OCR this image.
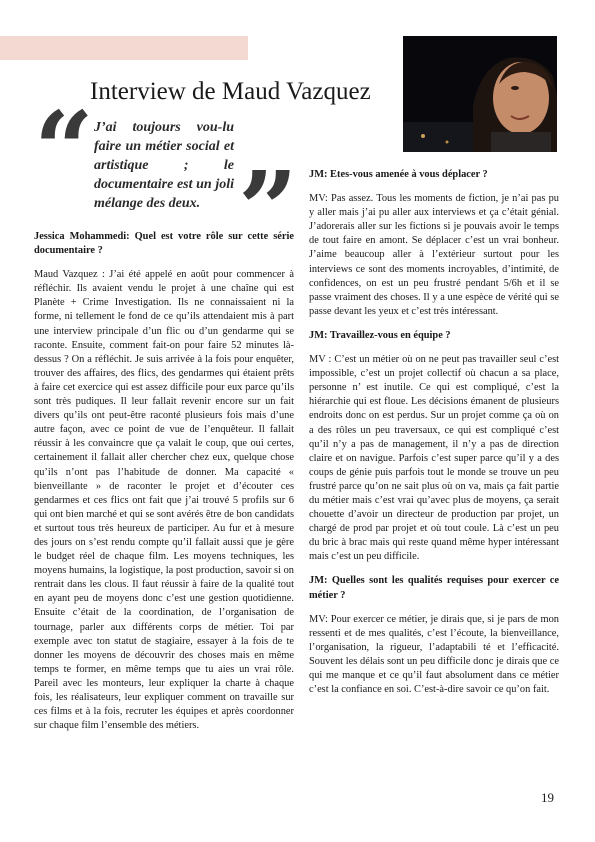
Interview de Maud Vazquez
“ J’ai toujours vou-lu faire un métier social et artistique ; le documentaire est un joli mélange des deux. ”

Jessica Mohammedi: Quel est votre rôle sur cette série documentaire ?

Maud Vazquez : J’ai été appelé en août pour commencer à réfléchir. Ils avaient vendu le projet à une chaîne qui est Planète + Crime Investigation. Ils ne connaissaient ni la forme, ni tellement le fond de ce qu’ils attendaient mis à part une interview principale d’un flic ou d’un gendarme qui se raconte. Ensuite, comment fait-on pour faire 52 minutes là-dessus ? On a réfléchit. Je suis arrivée à la fois pour enquêter, trouver des affaires, des flics, des gendarmes qui étaient prêts à faire cet exercice qui est assez difficile pour eux parce qu’ils sont très pudiques. Il leur fallait revenir encore sur un fait divers qu’ils ont peut-être raconté plusieurs fois mais d’une autre façon, avec ce point de vue de l’enquêteur. Il fallait réussir à les convaincre que ça valait le coup, que oui certes, certainement il fallait aller chercher chez eux, quelque chose qu’ils n’ont pas l’habitude de donner. Ma capacité « bienveillante » de raconter le projet et d’écouter ces gendarmes et ces flics ont fait que j’ai trouvé 5 profils sur 6 qui ont bien marché et qui se sont avérés être de bon candidats et surtout tous très heureux de participer. Au fur et à mesure des jours on s’est rendu compte qu’il fallait aussi que je gère le budget réel de chaque film. Les moyens techniques, les moyens humains, la logistique, la post production, savoir si on rentrait dans les clous. Il faut réussir à faire de la qualité tout en ayant peu de moyens donc c’est une gestion quotidienne. Ensuite c’était de la coordination, de l’organisation de tournage, parler aux différents corps de métier. Toi par exemple avec ton statut de stagiaire, essayer à la fois de te donner les moyens de découvrir des choses mais en même temps te former, en même temps que tu aies un vrai rôle. Pareil avec les monteurs, leur expliquer la charte à chaque fois, les réalisateurs, leur expliquer comment on travaille sur ces films et à la fois, recruter les équipes et après coordonner sur chaque film l’ensemble des métiers.

JM: Etes-vous amenée à vous déplacer ?

MV: Pas assez. Tous les moments de fiction, je n’ai pas pu y aller mais j’ai pu aller aux interviews et ça c’était génial. J’adorerais aller sur les fictions si je pouvais avoir le temps de tout faire en amont. Se déplacer c’est un vrai bonheur. J’aime beaucoup aller à l’extérieur surtout pour les interviews ce sont des moments incroyables, d’intimité, de confidences, on est un peu frustré pendant 5/6h et il se passe vraiment des choses. Il y a une espèce de vérité qui se passe devant les yeux et c’est très intéressant.

JM: Travaillez-vous en équipe ?

MV : C’est un métier où on ne peut pas travailler seul c’est impossible, c’est un projet collectif où chacun a sa place, personne n’ est inutile. Ce qui est compliqué, c’est la hiérarchie qui est floue. Les décisions émanent de plusieurs endroits donc on est perdus. Sur un projet comme ça où on a des rôles un peu traversaux, ce qui est compliqué c’est qu’il n’y a pas de management, il n’y a pas de direction claire et on navigue. Parfois c’est super parce qu’il y a des coups de génie puis parfois tout le monde se trouve un peu frustré parce qu’on ne sait plus où on va, mais ça fait partie du métier mais c’est vrai qu’avec plus de moyens, ça serait chouette d’avoir un directeur de production par projet, un chargé de prod par projet et où tout coule. Là c’est un peu du bric à brac mais qui reste quand même hyper intéressant mais c’est un peu difficile.

JM: Quelles sont les qualités requises pour exercer ce métier ?

MV: Pour exercer ce métier, je dirais que, si je pars de mon ressenti et de mes qualités, c’est l’écoute, la bienveillance, l’organisation, la rigueur, l’adaptabili té et l’efficacité. Souvent les délais sont un peu difficile donc je dirais que ce qui me manque et ce qu’il faut absolument dans ce métier c’est la confiance en soi. C’est-à-dire savoir ce qu’on fait.

19
